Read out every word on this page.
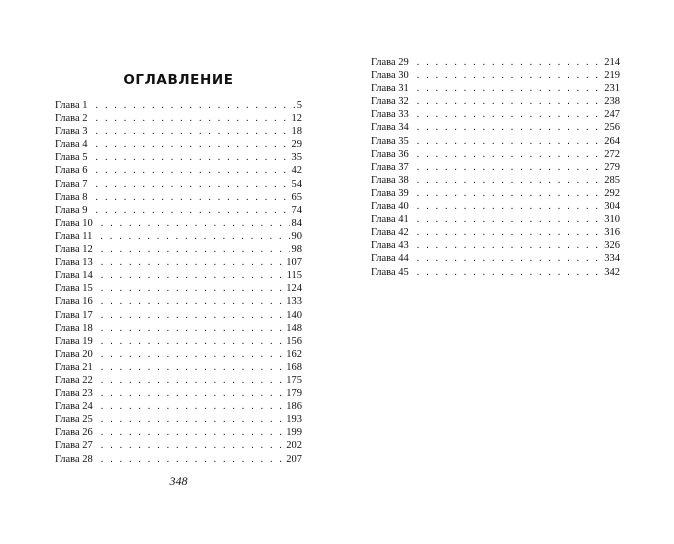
ОГЛАВЛЕНИЕ
Глава 1 . . .	5
Глава 2 . . .	12
Глава 3 . . .	18
Глава 4 . . .	29
Глава 5 . . .	35
Глава 6 . . .	42
Глава 7 . . .	54
Глава 8 . . .	65
Глава 9 . . .	74
Глава 10 . . .	84
Глава 11 . . .	90
Глава 12 . . .	98
Глава 13 . . .	107
Глава 14 . . .	115
Глава 15 . . .	124
Глава 16 . . .	133
Глава 17 . . .	140
Глава 18 . . .	148
Глава 19 . . .	156
Глава 20 . . .	162
Глава 21 . . .	168
Глава 22 . . .	175
Глава 23 . . .	179
Глава 24 . . .	186
Глава 25 . . .	193
Глава 26 . . .	199
Глава 27 . . .	202
Глава 28 . . .	207

348

Глава 29 . . .	214
Глава 30 . . .	219
Глава 31 . . .	231
Глава 32 . . .	238
Глава 33 . . .	247
Глава 34 . . .	256
Глава 35 . . .	264
Глава 36 . . .	272
Глава 37 . . .	279
Глава 38 . . .	285
Глава 39 . . .	292
Глава 40 . . .	304
Глава 41 . . .	310
Глава 42 . . .	316
Глава 43 . . .	326
Глава 44 . . .	334
Глава 45 . . .	342
